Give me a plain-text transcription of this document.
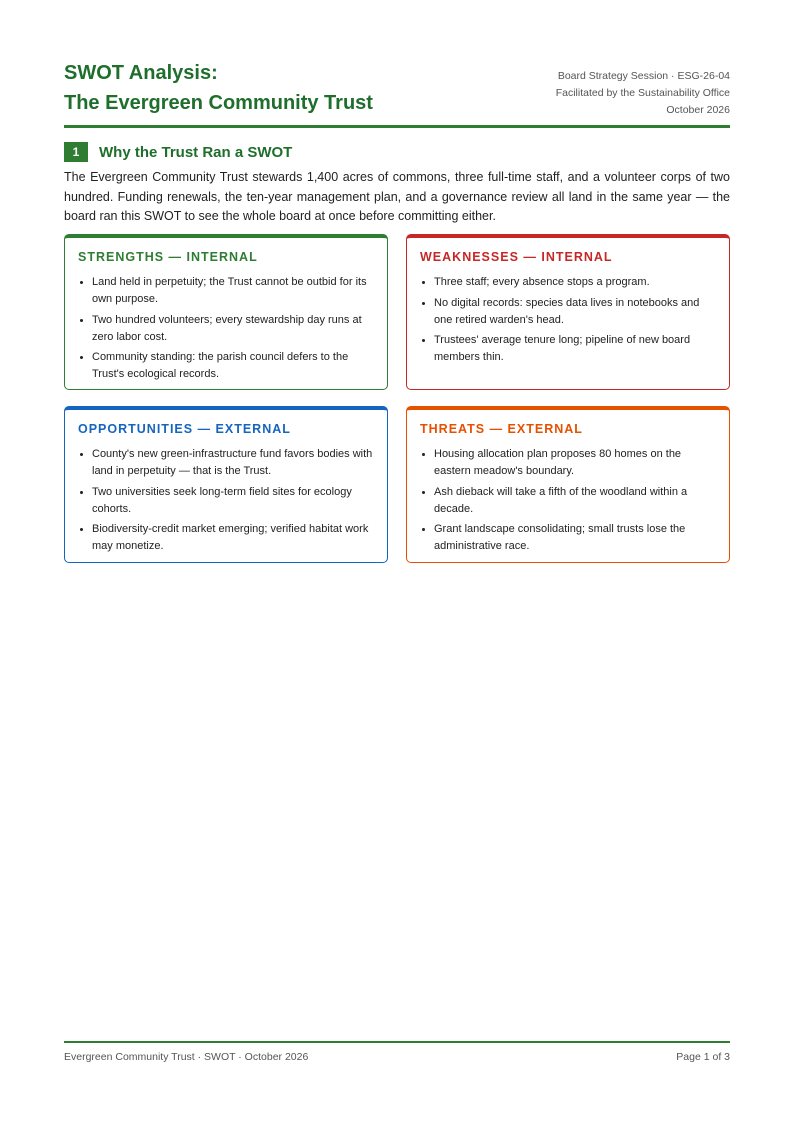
SWOT Analysis:
The Evergreen Community Trust
Board Strategy Session · ESG-26-04
Facilitated by the Sustainability Office
October 2026
1	Why the Trust Ran a SWOT

The Evergreen Community Trust stewards 1,400 acres of commons, three full-time staff, and a volunteer corps of two hundred. Funding renewals, the ten-year management plan, and a governance review all land in the same year — the board ran this SWOT to see the whole board at once before committing either.

STRENGTHS — INTERNAL
• Land held in perpetuity; the Trust cannot be outbid for its own purpose.
• Two hundred volunteers; every stewardship day runs at zero labor cost.
• Community standing: the parish council defers to the Trust's ecological records.
WEAKNESSES — INTERNAL
• Three staff; every absence stops a program.
• No digital records: species data lives in notebooks and one retired warden's head.
• Trustees' average tenure long; pipeline of new board members thin.
OPPORTUNITIES — EXTERNAL
• County's new green-infrastructure fund favors bodies with land in perpetuity — that is the Trust.
• Two universities seek long-term field sites for ecology cohorts.
• Biodiversity-credit market emerging; verified habitat work may monetize.
THREATS — EXTERNAL
• Housing allocation plan proposes 80 homes on the eastern meadow's boundary.
• Ash dieback will take a fifth of the woodland within a decade.
• Grant landscape consolidating; small trusts lose the administrative race.
Evergreen Community Trust · SWOT · October 2026	Page 1 of 3
